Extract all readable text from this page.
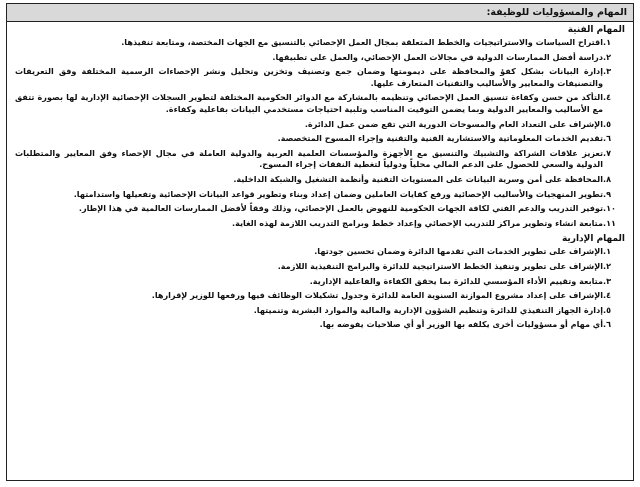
المهام والمسؤوليات للوظيفة:
المهام الفنية
١.
اقتراح السياسات والاستراتيجيات والخطط المتعلقة بمجال العمل الإحصائي بالتنسيق مع الجهات المختصة، ومتابعة تنفيذها.
٢.
دراسة أفضل الممارسات الدولية في مجالات العمل الإحصائي، والعمل على تطبيقها.
٣.
إدارة البيانات بشكل كفؤ والمحافظة على ديمومتها وضمان جمع وتصنيف وتخزين وتحليل ونشر الإحصاءات الرسمية المختلفة وفق التعريفات والتصنيفات والمعايير والأساليب والتقنيات المتعارف عليها.
٤.
التأكد من حسن وكفاءة تنسيق العمل الإحصائي وتنظيمه بالمشاركة مع الدوائر الحكومية المختلفة لتطوير السجلات الإحصائية الإدارية لها بصورة تتفق مع الأساليب والمعايير الدولية وبما يضمن التوقيت المناسب وتلبية احتياجات مستخدمي البيانات بفاعلية وكفاءة.
٥.
الإشراف على التعداد العام والمسوحات الدورية التي تقع ضمن عمل الدائرة.
٦.
تقديم الخدمات المعلوماتية والاستشارية الفنية والتقنية وإجراء المسوح المتخصصة.
٧.
تعزيز علاقات الشراكة والتشبيك والتنسيق مع الأجهزة والمؤسسات العلمية العربية والدولية العاملة في مجال الإحصاء وفق المعايير والمتطلبات الدولية والسعي للحصول على الدعم المالي محلياً ودولياً لتغطية النفقات إجراء المسوح.
٨.
المحافظة على أمن وسرية البيانات على المستويات التقنية وأنظمة التشغيل والشبكة الداخلية.
٩.
تطوير المنهجيات والأساليب الإحصائية ورفع كفايات العاملين وضمان إعداد وبناء وتطوير قواعد البيانات الإحصائية وتفعيلها واستدامتها.
١٠.
توفير التدريب والدعم الفني لكافة الجهات الحكومية للنهوض بالعمل الإحصائي، وذلك وفقاً لأفضل الممارسات العالمية في هذا الإطار.
١١.
متابعة انشاء وتطوير مراكز للتدريب الإحصائي وإعداد خطط وبرامج التدريب اللازمة لهذه الغاية.
المهام الإدارية
١.
الإشراف على تطوير الخدمات التي تقدمها الدائرة وضمان تحسين جودتها.
٢.
الإشراف على تطوير وتنفيذ الخطط الاستراتيجية للدائرة والبرامج التنفيذية اللازمة.
٣.
متابعة وتقييم الأداء المؤسسي للدائرة بما يحقق الكفاءة والفاعلية الإدارية.
٤.
الإشراف على إعداد مشروع الموازنة السنوية العامة للدائرة وجدول تشكيلات الوظائف فيها ورفعها للوزير لإقرارها.
٥.
إدارة الجهاز التنفيذي للدائرة وتنظيم الشؤون الإدارية والمالية والموارد البشرية وتنميتها.
٦.
أي مهام أو مسؤوليات أخرى يكلفه بها الوزير أو أي صلاحيات يفوضه بها.
